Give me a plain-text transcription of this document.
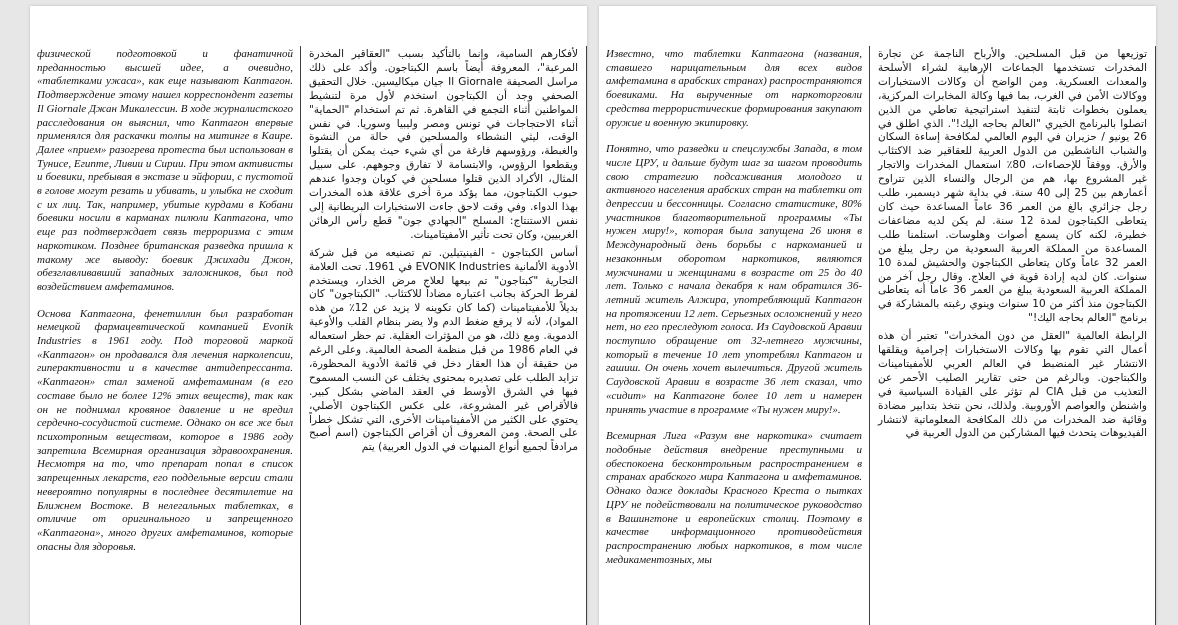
физической подготовкой и фанатичной преданностью высшей идее, а очевидно, «таблетками ужаса», как еще называют Каптагон. Подтверждение этому нашел корреспондент газеты Il Giornale Джан Микалессин. В ходе журналистского расследования он выяснил, что Каптагон впервые применялся для раскачки толпы на митинге в Каире. Далее «прием» разогрева протеста был использован в Тунисе, Египте, Ливии и Сирии. При этом активисты и боевики, пребывая в экстазе и эйфории, с пустотой в голове могут резать и убивать, и улыбка не сходит с их лиц. Так, например, убитые курдами в Кобани боевики носили в карманах пилюли Каптагона, что еще раз подтверждает связь терроризма с этим наркотиком. Позднее британская разведка пришла к такому же выводу: боевик Джихади Джон, обезглавливавший западных заложников, был под воздействием амфетаминов.

Основа Каптагона, фенетиллин был разработан немецкой фармацевтической компанией Evonik Industries в 1961 году. Под торговой маркой «Каптагон» он продавался для лечения нарколепсии, гиперактивности и в качестве антидепрессанта. «Каптагон» стал заменой амфетаминам (в его составе было не более 12% этих веществ), так как он не поднимал кровяное давление и не вредил сердечно-сосудистой системе. Однако он все же был психотропным веществом, которое в 1986 году запретила Всемирная организация здравоохранения. Несмотря на то, что препарат попал в список запрещенных лекарств, его поддельные версии стали невероятно популярны в последнее десятилетие на Ближнем Востоке. В нелегальных таблетках, в отличие от оригинального и запрещенного «Каптагона», много других амфетаминов, которые опасны для здоровья.

لأفكارهم السامية، وإنما بالتأكيد بسبب "العقاقير المخدرة المرعبة"، المعروفة أيضاً باسم الكبتاجون. وأكد على ذلك مراسل الصحيفة Il Giornale جيان ميكاليسين. خلال التحقيق الصحفي وجد أن الكبتاجون استخدم لأول مرة لتنشيط المواطنين أثناء التجمع في القاهرة. ثم تم استخدام "الحماية" أثناء الاحتجاجات في تونس ومصر وليبيا وسوريا. في نفس الوقت، ليثي النشطاء والمسلحين في حالة من النشوة والغبطة، ورؤوسهم فارغة من أي شيء حيث يمكن أن يقتلوا ويقطعوا الرؤوس، والابتسامة لا تفارق وجوههم. على سبيل المثال، الأكراد الذين قتلوا مسلحين في كوبان وجدوا عندهم حبوب الكبتاجون، مما يؤكد مرة أخرى علاقة هذه المخدرات بهذا الدواء. وفي وقت لاحق جاءت الاستخبارات البريطانية إلى نفس الاستنتاج: المسلح "الجهادي جون" قطع رأس الرهائن الغربيين، وكان تحت تأثير الأمفيتامينات.

أساس الكبتاجون - الفينيتيلين. تم تصنيعه من قبل شركة الأدوية الألمانية EVONIK Industries في 1961. تحت العلامة التجارية "كبتاجون" تم بيعها لعلاج مرض الخدار، ويستخدم لفرط الحركة بجانب اعتباره مضاداً للاكتئاب. "الكبتاجون" كان بديلاً للأمفيتامينات (كما كان تكوينه لا يزيد عن 12٪ من هذه المواد)، لأنه لا يرفع ضغط الدم ولا يضر بنظام القلب والأوعية الدموية. ومع ذلك، هو من المؤثرات العقلية. تم حظر استعماله في العام 1986 من قبل منظمة الصحة العالمية. وعلى الرغم من حقيقة أن هذا العقار دخل في قائمة الأدوية المحظورة، تزايد الطلب على تصديره بمحتوى يختلف عن النسب المسموح فيها في الشرق الأوسط في العقد الماضي بشكل كبير. فالأقراص غير المشروعة، على عكس الكبتاجون الأصلي، يحتوي على الكثير من الأمفيتامينات الأخرى، التي تشكل خطراً على الصحة. ومن المعروف أن أقراص الكبتاجون (اسم أصبح مرادفاً لجميع أنواع المنبهات في الدول العربية) يتم

Известно, что таблетки Каптагона (названия, ставшего нарицательным для всех видов амфетамина в арабских странах) распространяются боевиками. На вырученные от наркоторговли средства террористические формирования закупают оружие и военную экипировку.

Понятно, что разведки и спецслужбы Запада, в том числе ЦРУ, и дальше будут шаг за шагом проводить свою стратегию подсаживания молодого и активного населения арабских стран на таблетки от депрессии и бессонницы. Согласно статистике, 80% участников благотворительной программы «Ты нужен миру!», которая была запущена 26 июня в Международный день борьбы с наркоманией и незаконным оборотом наркотиков, являются мужчинами и женщинами в возрасте от 25 до 40 лет. Только с начала декабря к нам обратился 36-летний житель Алжира, употребляющий Каптагон на протяжении 12 лет. Серьезных осложнений у него нет, но его преследуют голоса. Из Саудовской Аравии поступило обращение от 32-летнего мужчины, который в течение 10 лет употреблял Каптагон и гашиш. Он очень хочет вылечиться. Другой житель Саудовской Аравии в возрасте 36 лет сказал, что «сидит» на Каптагоне более 10 лет и намерен принять участие в программе «Ты нужен миру!».

Всемирная Лига «Разум вне наркотика» считает подобные действия внедрение преступными и обеспокоена бесконтрольным распространением в странах арабского мира Каптагона и амфетаминов. Однако даже доклады Красного Креста о пытках ЦРУ не подействовали на политическое руководство в Вашингтоне и европейских столиц. Поэтому в качестве информационного противодействия распространению любых наркотиков, в том числе медикаментозных, мы

توزيعها من قبل المسلحين. والأرباح الناجمة عن تجارة المخدرات تستخدمها الجماعات الإرهابية لشراء الأسلحة والمعدات العسكرية. ومن الواضح أن وكالات الاستخبارات ووكالات الأمن في الغرب، بما فيها وكالة المخابرات المركزية، يعملون بخطوات ثابتة لتنفيذ استراتيجية تعاطي من الذين اتصلوا بالبرنامج الخيري "العالم بحاجه اليك!". الذي اطلق في 26 يونيو / حزيران في اليوم العالمي لمكافحة إساءة السكان والشباب الناشطين من الدول العربية للعقاقير ضد الاكتئاب والأرق. ووفقاً للإحصاءات، 80٪ استعمال المخدرات والاتجار غير المشروع بها، هم من الرجال والنساء الذين تتراوح أعمارهم بين 25 إلى 40 سنة. في بداية شهر ديسمبر، طلب رجل جزائري بالغ من العمر 36 عاماً المساعدة حيث كان يتعاطى الكبتاجون لمدة 12 سنة. لم يكن لديه مضاعفات خطيرة، لكنه كان يسمع أصوات وهلوسات. استلمنا طلب المساعدة من المملكة العربية السعودية من رجل يبلغ من العمر 32 عاماً وكان يتعاطى الكبتاجون والحشيش لمدة 10 سنوات. كان لديه إرادة قوية في العلاج. وقال رجل آخر من المملكة العربية السعودية يبلغ من العمر 36 عاماً أنه يتعاطى الكبتاجون منذ أكثر من 10 سنوات وينوي رغبته بالمشاركة في برنامج "العالم بحاجه اليك!"

الرابطة العالمية "العقل من دون المخدرات" تعتبر أن هذه أعمال التي تقوم بها وكالات الاستخبارات إجرامية ويقلقها الانتشار غير المنضبط في العالم العربي للأمفيتامينات والكبتاجون. وبالرغم من حتى تقارير الصليب الأحمر عن التعذيب من قبل CIA لم تؤثر على القيادة السياسية في واشنطن والعواصم الأوروبية. ولذلك، نحن نتخذ بتدابير مضادة وقائية ضد المخدرات من ذلك المكافحة المعلوماتية لانتشار الفيديوهات يتحدث فيها المشاركين من الدول العربية في
